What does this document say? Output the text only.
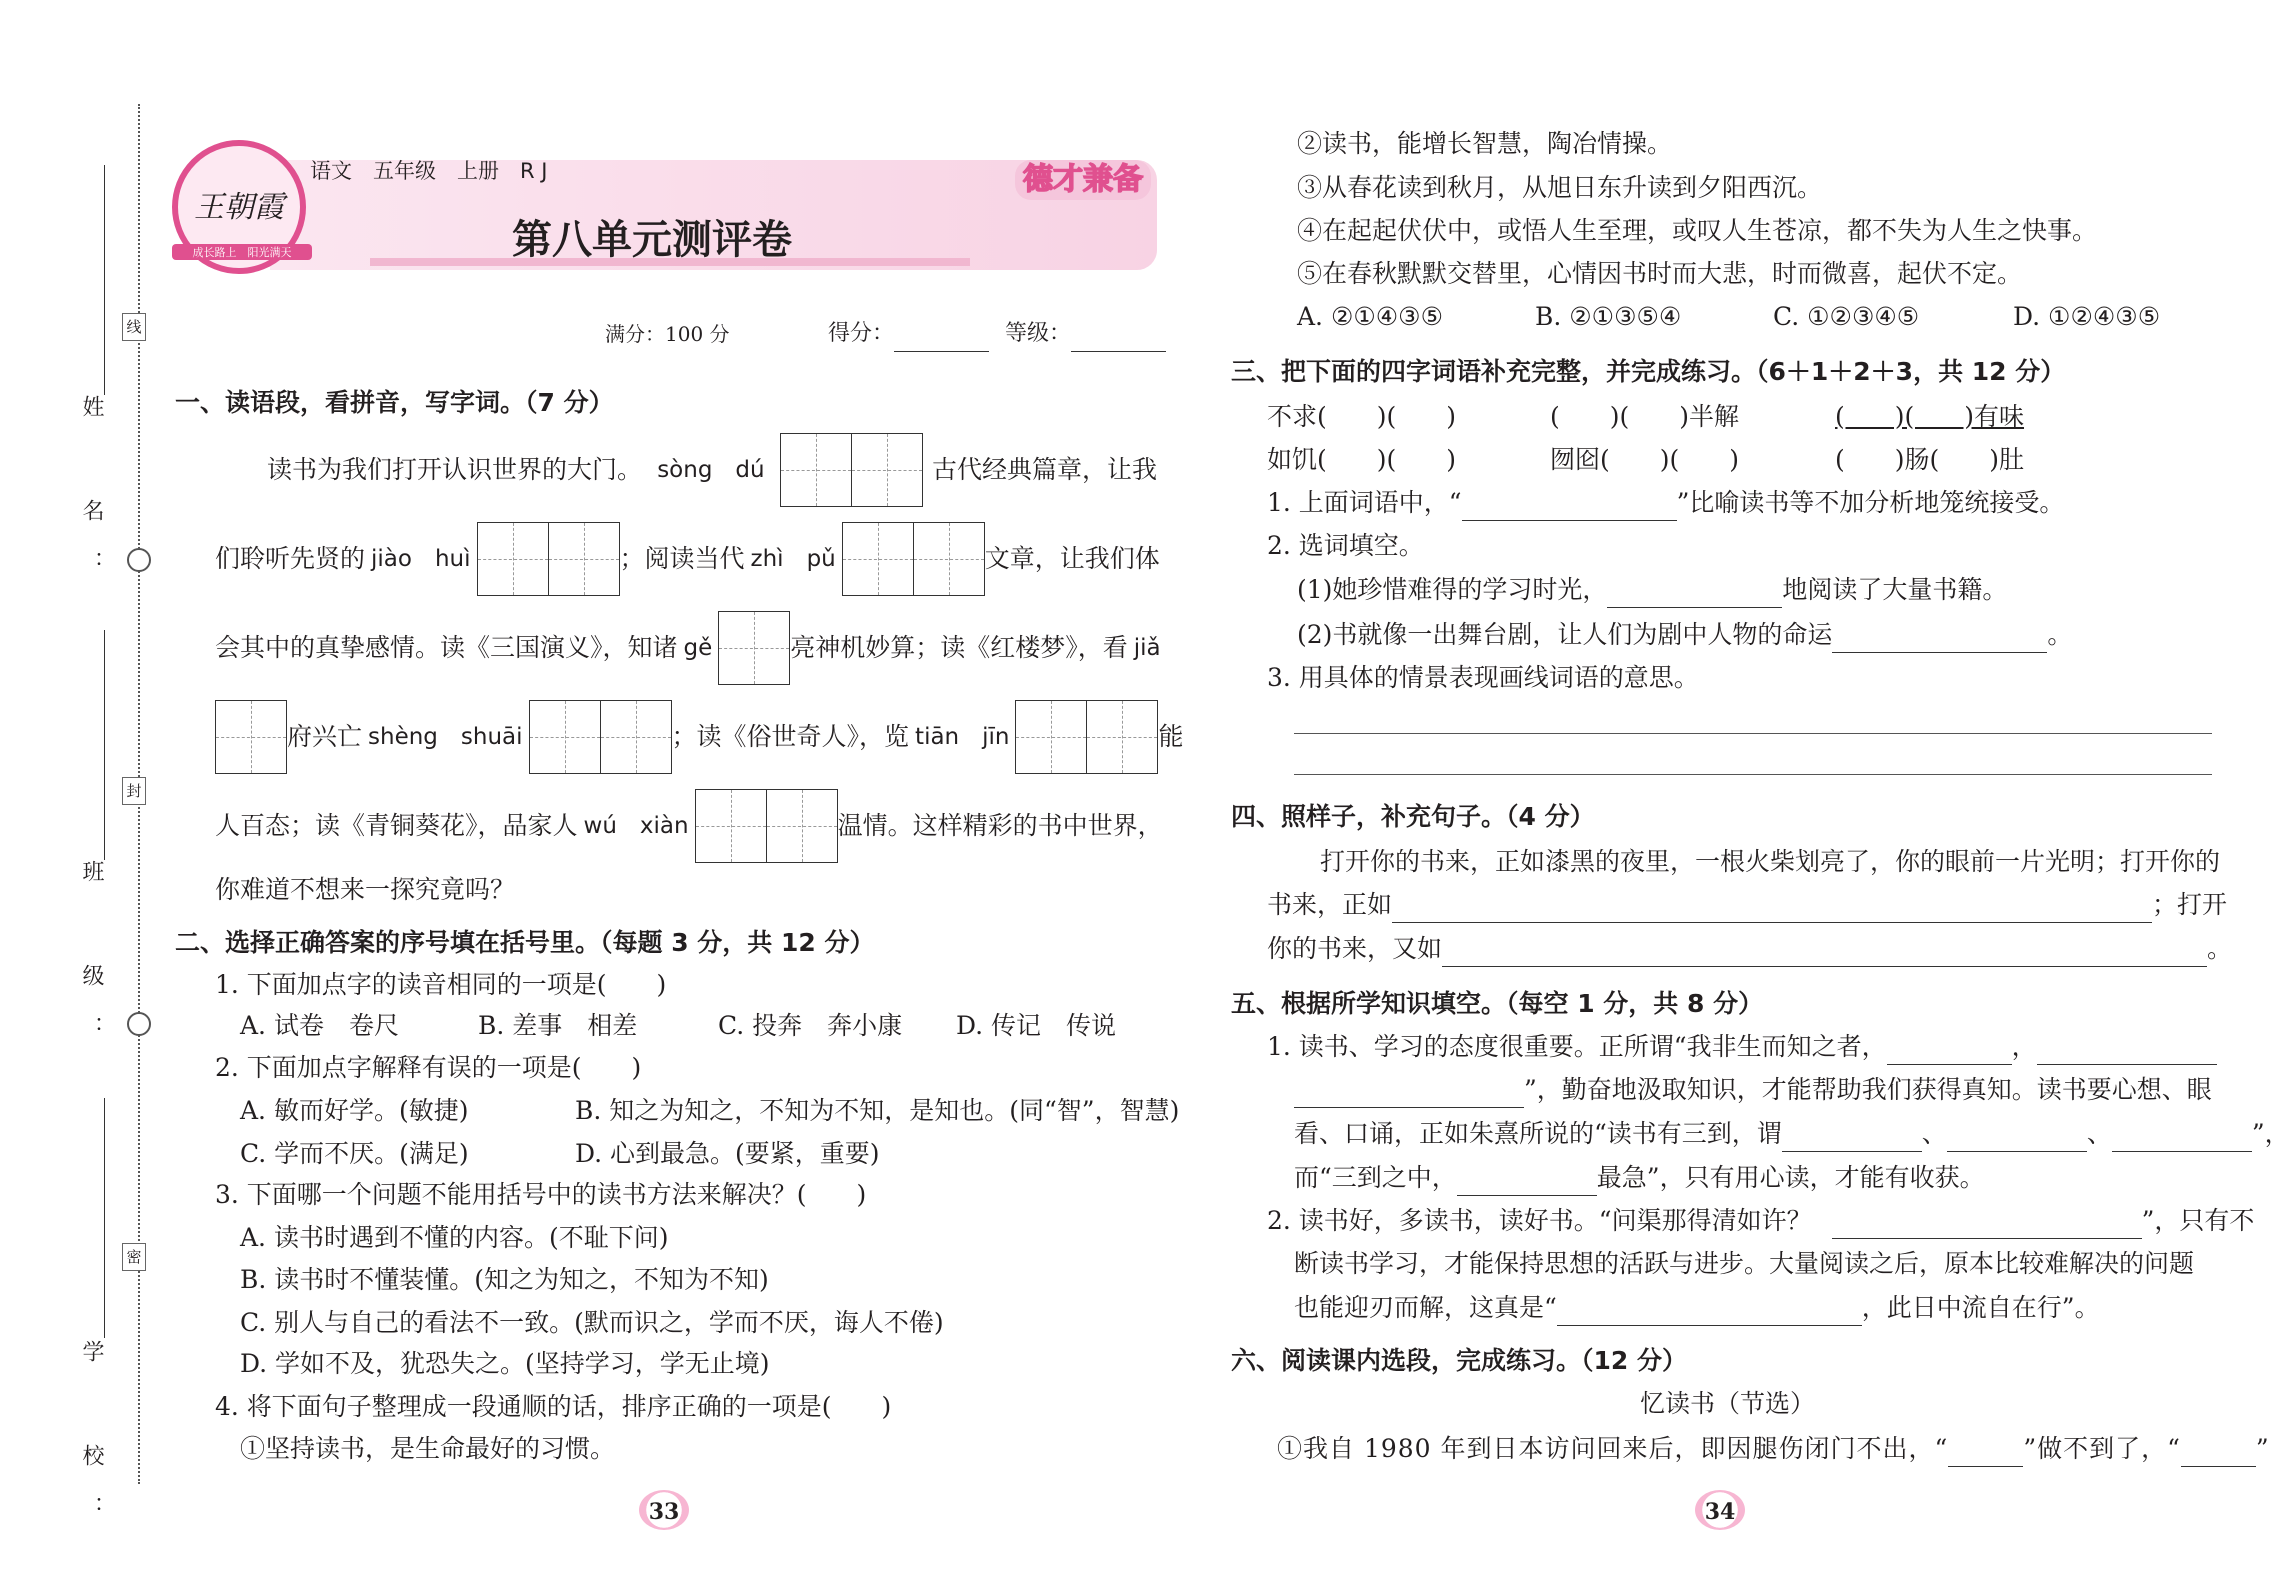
姓　名：
班　级：
学　校：
线
封
密
王朝霞
成长路上　阳光满天
语文　五年级　上册　R J	德才兼备
第八单元测评卷
满分：100 分	得分：	等级：
一、读语段，看拼音，写字词。（7 分）
读书为我们打开认识世界的大门。 sòng　dú	古代经典篇章，让我
们聆听先贤的 jiào　huì	；阅读当代 zhì　pǔ	文章，让我们体
会其中的真挚感情。读《三国演义》，知诸 gě	亮神机妙算；读《红楼梦》，看 jiǎ
府兴亡 shèng　shuāi	；读《俗世奇人》，览 tiān　jīn	能
人百态；读《青铜葵花》，品家人 wú　xiàn	温情。这样精彩的书中世界，
你难道不想来一探究竟吗？
二、选择正确答案的序号填在括号里。（每题 3 分，共 12 分）
1. 下面加点字的读音相同的一项是(　　)
A. 试卷　卷尺	B. 差事　相差	C. 投奔　奔小康 D. 传记　传说
2. 下面加点字解释有误的一项是(　　)
A. 敏而好学。(敏捷)	B. 知之为知之，不知为不知，是知也。(同“智”，智慧)
C. 学而不厌。(满足)	D. 心到最急。(要紧，重要)
3. 下面哪一个问题不能用括号中的读书方法来解决？(　　)
A. 读书时遇到不懂的内容。(不耻下问)
B. 读书时不懂装懂。(知之为知之，不知为不知)
C. 别人与自己的看法不一致。(默而识之，学而不厌，诲人不倦)
D. 学如不及，犹恐失之。(坚持学习，学无止境)
4. 将下面句子整理成一段通顺的话，排序正确的一项是(　　)
①坚持读书，是生命最好的习惯。
33
②读书，能增长智慧，陶冶情操。
③从春花读到秋月，从旭日东升读到夕阳西沉。
④在起起伏伏中，或悟人生至理，或叹人生苍凉，都不失为人生之快事。
⑤在春秋默默交替里，心情因书时而大悲，时而微喜，起伏不定。
A. ②①④③⑤	B. ②①③⑤④	C. ①②③④⑤	D. ①②④③⑤
三、把下面的四字词语补充完整，并完成练习。（6＋1＋2＋3，共 12 分）
不求(　　)(　　)	(　　)(　　)半解	(　　)(　　)有味
如饥(　　)(　　)	囫囵(　　)(　　)	(　　)肠(　　)肚
1. 上面词语中，“	”比喻读书等不加分析地笼统接受。
2. 选词填空。
(1)她珍惜难得的学习时光，	地阅读了大量书籍。
(2)书就像一出舞台剧，让人们为剧中人物的命运	。
3. 用具体的情景表现画线词语的意思。
四、照样子，补充句子。（4 分）
打开你的书来，正如漆黑的夜里，一根火柴划亮了，你的眼前一片光明；打开你的
书来，正如	；打开
你的书来，又如	。
五、根据所学知识填空。（每空 1 分，共 8 分）
1. 读书、学习的态度很重要。正所谓“我非生而知之者，	，
”，勤奋地汲取知识，才能帮助我们获得真知。读书要心想、眼
看、口诵，正如朱熹所说的“读书有三到，谓	、	、	”，
而“三到之中，	最急”，只有用心读，才能有收获。
2. 读书好，多读书，读好书。“问渠那得清如许？	”，只有不
断读书学习，才能保持思想的活跃与进步。大量阅读之后，原本比较难解决的问题
也能迎刃而解，这真是“	，此日中流自在行”。
六、阅读课内选段，完成练习。（12 分）
忆读书（节选）
①我自 1980 年到日本访问回来后，即因腿伤闭门不出，“	”做不到了，“	”
34
